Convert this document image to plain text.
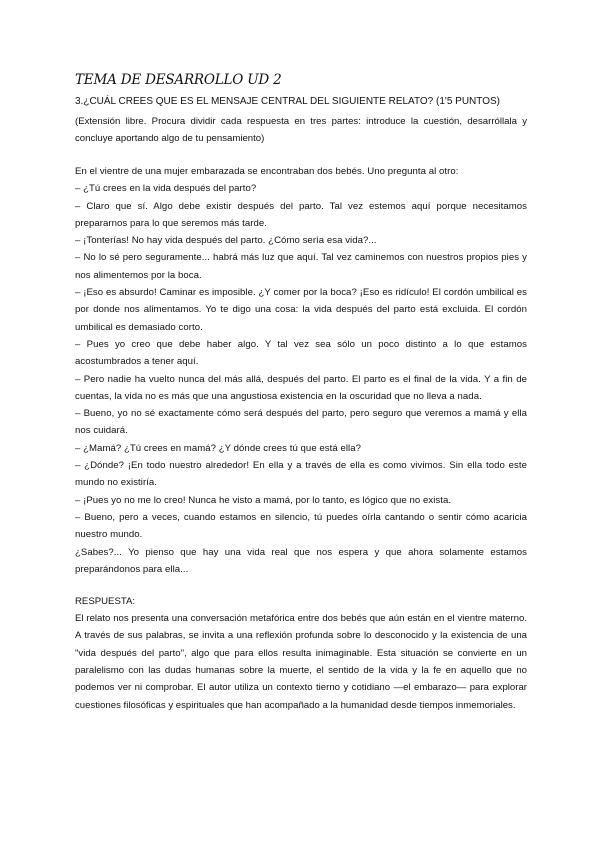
TEMA DE DESARROLLO UD 2

3.¿CUÁL CREES QUE ES EL MENSAJE CENTRAL DEL SIGUIENTE RELATO? (1'5 PUNTOS)

(Extensión libre. Procura dividir cada respuesta en tres partes: introduce la cuestión, desarróllala y concluye aportando algo de tu pensamiento)

En el vientre de una mujer embarazada se encontraban dos bebés. Uno pregunta al otro:

– ¿Tú crees en la vida después del parto?

– Claro que sí. Algo debe existir después del parto. Tal vez estemos aquí porque necesitamos prepararnos para lo que seremos más tarde.

– ¡Tonterías! No hay vida después del parto. ¿Cómo sería esa vida?...

– No lo sé pero seguramente... habrá más luz que aquí. Tal vez caminemos con nuestros propios pies y nos alimentemos por la boca.

– ¡Eso es absurdo! Caminar es imposible. ¿Y comer por la boca? ¡Eso es ridículo! El cordón umbilical es por donde nos alimentamos. Yo te digo una cosa: la vida después del parto está excluida. El cordón umbilical es demasiado corto.

– Pues yo creo que debe haber algo. Y tal vez sea sólo un poco distinto a lo que estamos acostumbrados a tener aquí.

– Pero nadie ha vuelto nunca del más allá, después del parto. El parto es el final de la vida. Y a fin de cuentas, la vida no es más que una angustiosa existencia en la oscuridad que no lleva a nada.

– Bueno, yo no sé exactamente cómo será después del parto, pero seguro que veremos a mamá y ella nos cuidará.

– ¿Mamá? ¿Tú crees en mamá? ¿Y dónde crees tú que está ella?

– ¿Dónde? ¡En todo nuestro alrededor! En ella y a través de ella es como vivimos. Sin ella todo este mundo no existiría.

– ¡Pues yo no me lo creo! Nunca he visto a mamá, por lo tanto, es lógico que no exista.

– Bueno, pero a veces, cuando estamos en silencio, tú puedes oírla cantando o sentir cómo acaricia nuestro mundo.

¿Sabes?... Yo pienso que hay una vida real que nos espera y que ahora solamente estamos preparándonos para ella...

RESPUESTA:

El relato nos presenta una conversación metafórica entre dos bebés que aún están en el vientre materno. A través de sus palabras, se invita a una reflexión profunda sobre lo desconocido y la existencia de una "vida después del parto", algo que para ellos resulta inimaginable. Esta situación se convierte en un paralelismo con las dudas humanas sobre la muerte, el sentido de la vida y la fe en aquello que no podemos ver ni comprobar. El autor utiliza un contexto tierno y cotidiano —el embarazo— para explorar cuestiones filosóficas y espirituales que han acompañado a la humanidad desde tiempos inmemoriales.
